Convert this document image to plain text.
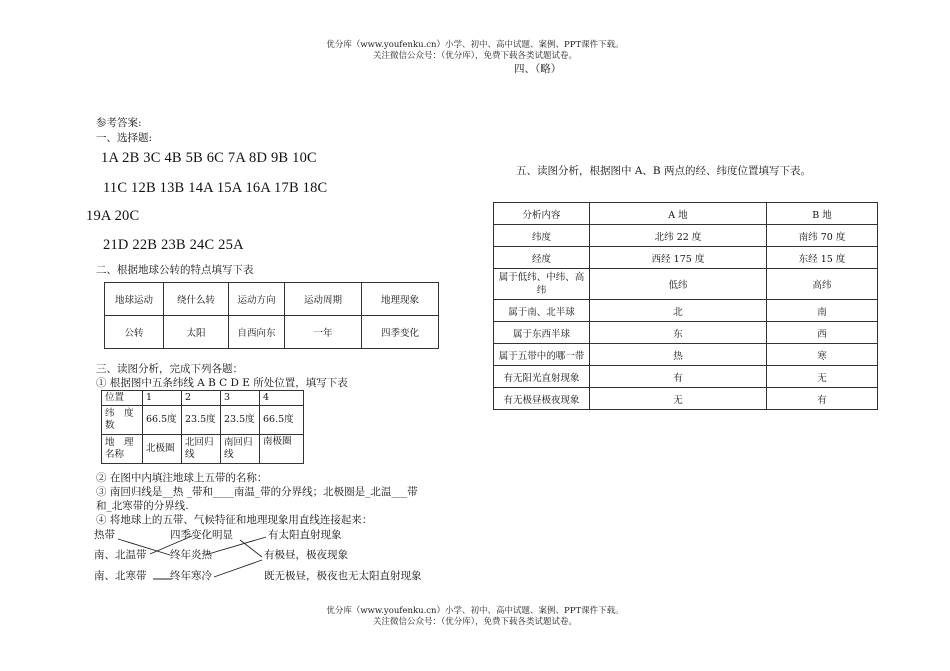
优分库（www.youfenku.cn）小学、初中、高中试题、案例、PPT课件下载。
关注微信公众号：（优分库），免费下载各类试题试卷。
四、（略）
参考答案:
一、选择题:
1A 2B 3C 4B 5B 6C 7A 8D 9B 10C
11C 12B 13B 14A 15A 16A 17B 18C
19A 20C
21D 22B 23B 24C 25A
二、根据地球公转的特点填写下表
地球运动	绕什么转	运动方向	运动周期	地理现象
公转	太阳	自西向东	一年	四季变化
三、读图分析，完成下列各题：
① 根据图中五条纬线 A B C D E 所处位置，填写下表
位置	1	2	3	4
纬　度　数	66.5度	23.5度	23.5度	66.5度
地　理　名称	北极圈	北回归线	南回归线	南极圈
② 在图中内填注地球上五带的名称：
③ 南回归线是__热 _带和____南温_带的分界线；北极圈是_北温___带
和_北寒带的分界线.
④ 将地球上的五带、气候特征和地理现象用直线连接起来：
热带
南、北温带
南、北寒带
四季变化明显
终年炎热
终年寒冷
有太阳直射现象
有极昼，极夜现象
既无极昼，极夜也无太阳直射现象
五、读图分析，根据图中 A、B 两点的经、纬度位置填写下表。
分析内容	A 地	B 地
纬度	北纬 22 度	南纬 70 度
经度	西经 175 度	东经 15 度
属于低纬、中纬、高纬	低纬	高纬
属于南、北半球	北	南
属于东西半球	东	西
属于五带中的哪一带	热	寒
有无阳光直射现象	有	无
有无极昼极夜现象	无	有
优分库（www.youfenku.cn）小学、初中、高中试题、案例、PPT课件下载。
关注微信公众号：（优分库），免费下载各类试题试卷。
